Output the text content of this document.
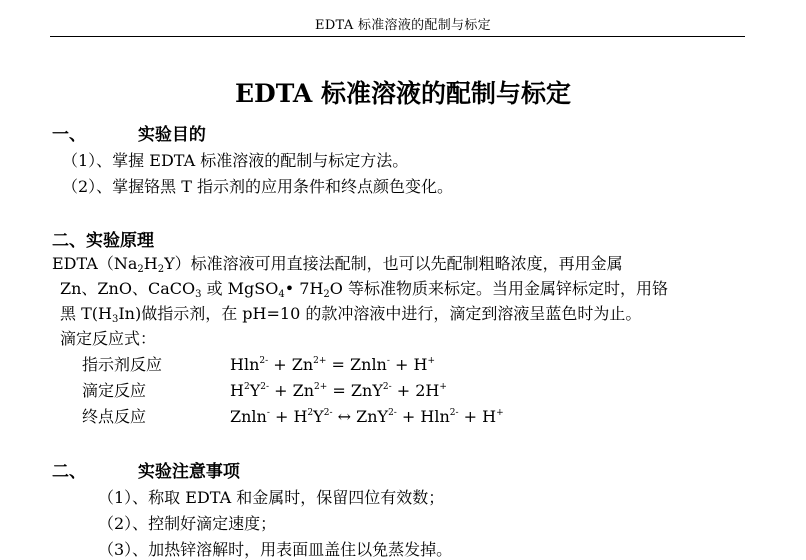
EDTA 标准溶液的配制与标定
EDTA 标准溶液的配制与标定
一、	实验目的
（1）、掌握 EDTA 标准溶液的配制与标定方法。
（2）、掌握铬黑 T 指示剂的应用条件和终点颜色变化。
二、实验原理
$EDTA(Na_2H_2Y)$标准溶液可用直接法配制，也可以先配制粗略浓度，再用金属
Zn、ZnO、CaCO$_3$ 或 MgSO$_4$• $7H_2O$ 等标准物质来标定。当用金属锌标定时，用铬
黑 $T(H_3In)$做指示剂，在 pH=10 的款冲溶液中进行，滴定到溶液呈蓝色时为止。
滴定反应式：
指示剂反应	$Hln^{2-} + Zn^{2+} = Znln^- + H^+$
滴定反应	$H^2Y^{2-} + Zn^{2+} = ZnY^{2-} + 2H^+$
终点反应	$Znln^- + H^2Y^{2-}$ ↔ ZnY$^{2-}$ + Hln$^{2-}$ + H+
二、	实验注意事项
（1）、称取 EDTA 和金属时，保留四位有效数；
（2）、控制好滴定速度；
（3）、加热锌溶解时，用表面皿盖住以免蒸发掉。
